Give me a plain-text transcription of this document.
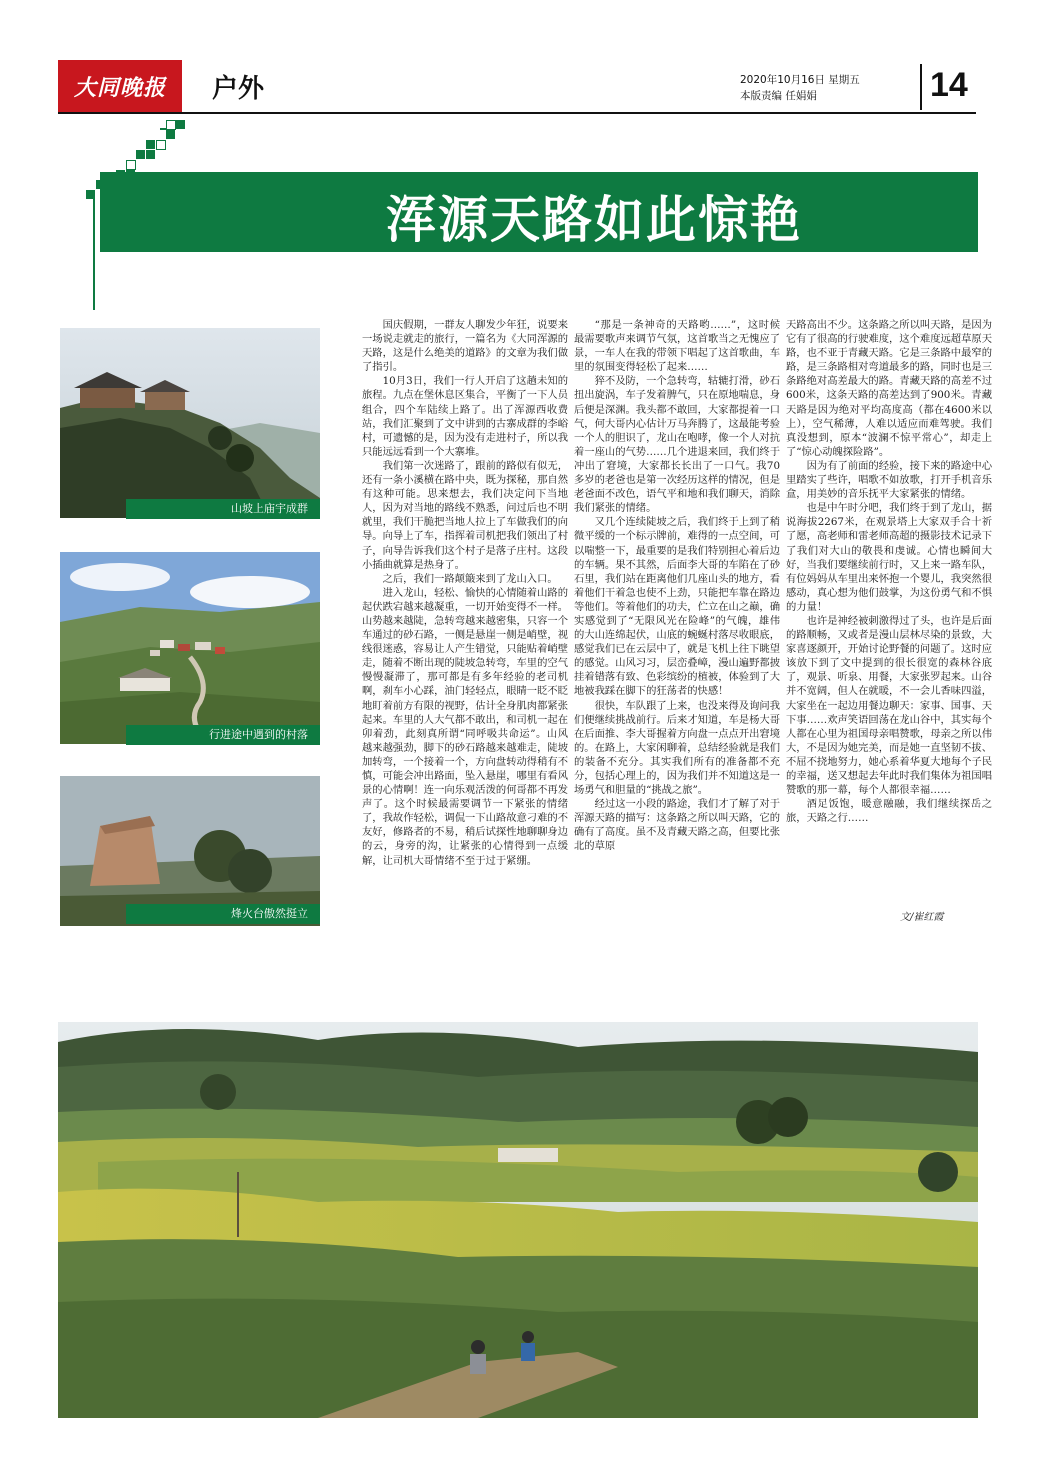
大同晚报 户外	2020年10月16日 星期五
本版责编 任娟娟	14
浑源天路如此惊艳
山坡上庙宇成群
行进途中遇到的村落
烽火台傲然挺立

国庆假期，一群友人聊发少年狂，说要来一场说走就走的旅行，一篇名为《大同浑源的天路，这是什么绝美的道路》的文章为我们做了指引。

10月3日，我们一行人开启了这趟未知的旅程。九点在堡休息区集合，平衡了一下人员组合，四个车陆续上路了。出了浑源西收费站，我们汇聚到了文中讲到的古寨成群的李峪村，可遗憾的是，因为没有走进村子，所以我只能远远看到一个大寨堆。

我们第一次迷路了，跟前的路似有似无，还有一条小溪横在路中央，既为探秘，那自然有这种可能。思来想去，我们决定问下当地人，因为对当地的路线不熟悉，问过后也不明就里，我们干脆把当地人拉上了车做我们的向导。向导上了车，指挥着司机把我们领出了村子，向导告诉我们这个村子是落子庄村。这段小插曲就算是热身了。

之后，我们一路颠簸来到了龙山入口。

进入龙山，轻松、愉快的心情随着山路的起伏跌宕越来越凝重，一切开始变得不一样。山势越来越陡，急转弯越来越密集，只容一个车通过的砂石路，一侧是悬崖一侧是峭壁，视线很迷惑，容易让人产生错觉，只能贴着峭壁走，随着不断出现的陡坡急转弯，车里的空气慢慢凝滞了，那可都是有多年经验的老司机啊，刹车小心踩，油门轻轻点，眼睛一眨不眨地盯着前方有限的视野，估计全身肌肉都紧张起来。车里的人大气都不敢出，和司机一起在卯着劲，此刻真所谓“同呼吸共命运”。山风越来越强劲，脚下的砂石路越来越难走，陡坡加转弯，一个接着一个，方向盘转动得稍有不慎，可能会冲出路面，坠入悬崖，哪里有看风景的心情啊！连一向乐观活泼的何哥都不再发声了。这个时候最需要调节一下紧张的情绪了，我故作轻松，调侃一下山路故意刁难的不友好，修路者的不易，稍后试探性地聊聊身边的云，身旁的沟，让紧张的心情得到一点缓解，让司机大哥情绪不至于过于紧绷。

“那是一条神奇的天路哟……”，这时候最需要歌声来调节气氛，这首歌当之无愧应了景，一车人在我的带领下唱起了这首歌曲，车里的氛围变得轻松了起来……

猝不及防，一个急转弯，轱辘打滑，砂石扭出旋涡，车子发着脾气，只在原地喘息，身后便是深渊。我头都不敢回，大家都提着一口气，何大哥内心估计万马奔腾了，这最能考验一个人的胆识了，龙山在咆哮，像一个人对抗着一座山的气势……几个进退来回，我们终于冲出了窘境，大家都长长出了一口气。我70多岁的老爸也是第一次经历这样的情况，但是老爸面不改色，语气平和地和我们聊天，消除我们紧张的情绪。

又几个连续陡坡之后，我们终于上到了稍微平缓的一个标示牌前，难得的一点空间，可以喘整一下，最重要的是我们特别担心着后边的车辆。果不其然，后面李大哥的车陷在了砂石里，我们站在距离他们几座山头的地方，看着他们干着急也使不上劲，只能把车靠在路边等他们。等着他们的功夫，伫立在山之巅，确实感觉到了“无限风光在险峰”的气魄，雄伟的大山连绵起伏，山底的蜿蜒村落尽收眼底，感觉我们已在云层中了，就是飞机上往下眺望的感觉。山风习习，层峦叠嶂，漫山遍野都披挂着错落有致、色彩缤纷的植被，体验到了大地被我踩在脚下的狂荡者的快感！

很快，车队跟了上来，也没来得及询问我们便继续挑战前行。后来才知道，车是杨大哥在后面推、李大哥握着方向盘一点点开出窘境的。在路上，大家闲聊着，总结经验就是我们的装备不充分。其实我们所有的准备都不充分，包括心理上的，因为我们并不知道这是一场勇气和胆量的“挑战之旅”。

经过这一小段的路途，我们才了解了对于浑源天路的描写：这条路之所以叫天路，它的确有了高度。虽不及青藏天路之高，但要比张北的草原

天路高出不少。这条路之所以叫天路，是因为它有了很高的行驶难度，这个难度远超草原天路，也不亚于青藏天路。它是三条路中最窄的路，是三条路相对弯道最多的路，同时也是三条路绝对高差最大的路。青藏天路的高差不过600米，这条天路的高差达到了900米。青藏天路是因为绝对平均高度高（都在4600米以上），空气稀薄，人难以适应而难驾驶。我们真没想到，原本“波澜不惊平常心”，却走上了“惊心动魄探险路”。

因为有了前面的经验，接下来的路途中心里踏实了些许，唱歌不如放歌，打开手机音乐盒，用美妙的音乐抚平大家紧张的情绪。

也是中午时分吧，我们终于到了龙山，据说海拔2267米，在观景塔上大家双手合十祈了愿，高老师和雷老师高超的摄影技术记录下了我们对大山的敬畏和虔诚。心情也瞬间大好，当我们要继续前行时，又上来一路车队，有位妈妈从车里出来怀抱一个婴儿，我突然很感动，真心想为他们鼓掌，为这份勇气和不惧的力量！

也许是神经被刺激得过了头，也许是后面的路顺畅，又或者是漫山层林尽染的景致，大家喜逐颜开，开始讨论野餐的问题了。这时应该放下到了文中提到的很长很宽的森林谷底了，观景、听泉、用餐，大家张罗起来。山谷并不宽阔，但人在就暖，不一会儿香味四溢，大家坐在一起边用餐边聊天：家事、国事、天下事……欢声笑语回荡在龙山谷中，其实每个人都在心里为祖国母亲唱赞歌，母亲之所以伟大，不是因为她完美，而是她一直坚韧不拔、不屈不挠地努力，她心系着华夏大地每个子民的幸福，送又想起去年此时我们集体为祖国唱赞歌的那一幕，每个人都很幸福……

酒足饭饱，暖意融融，我们继续探岳之旅，天路之行……

文/崔红霞
